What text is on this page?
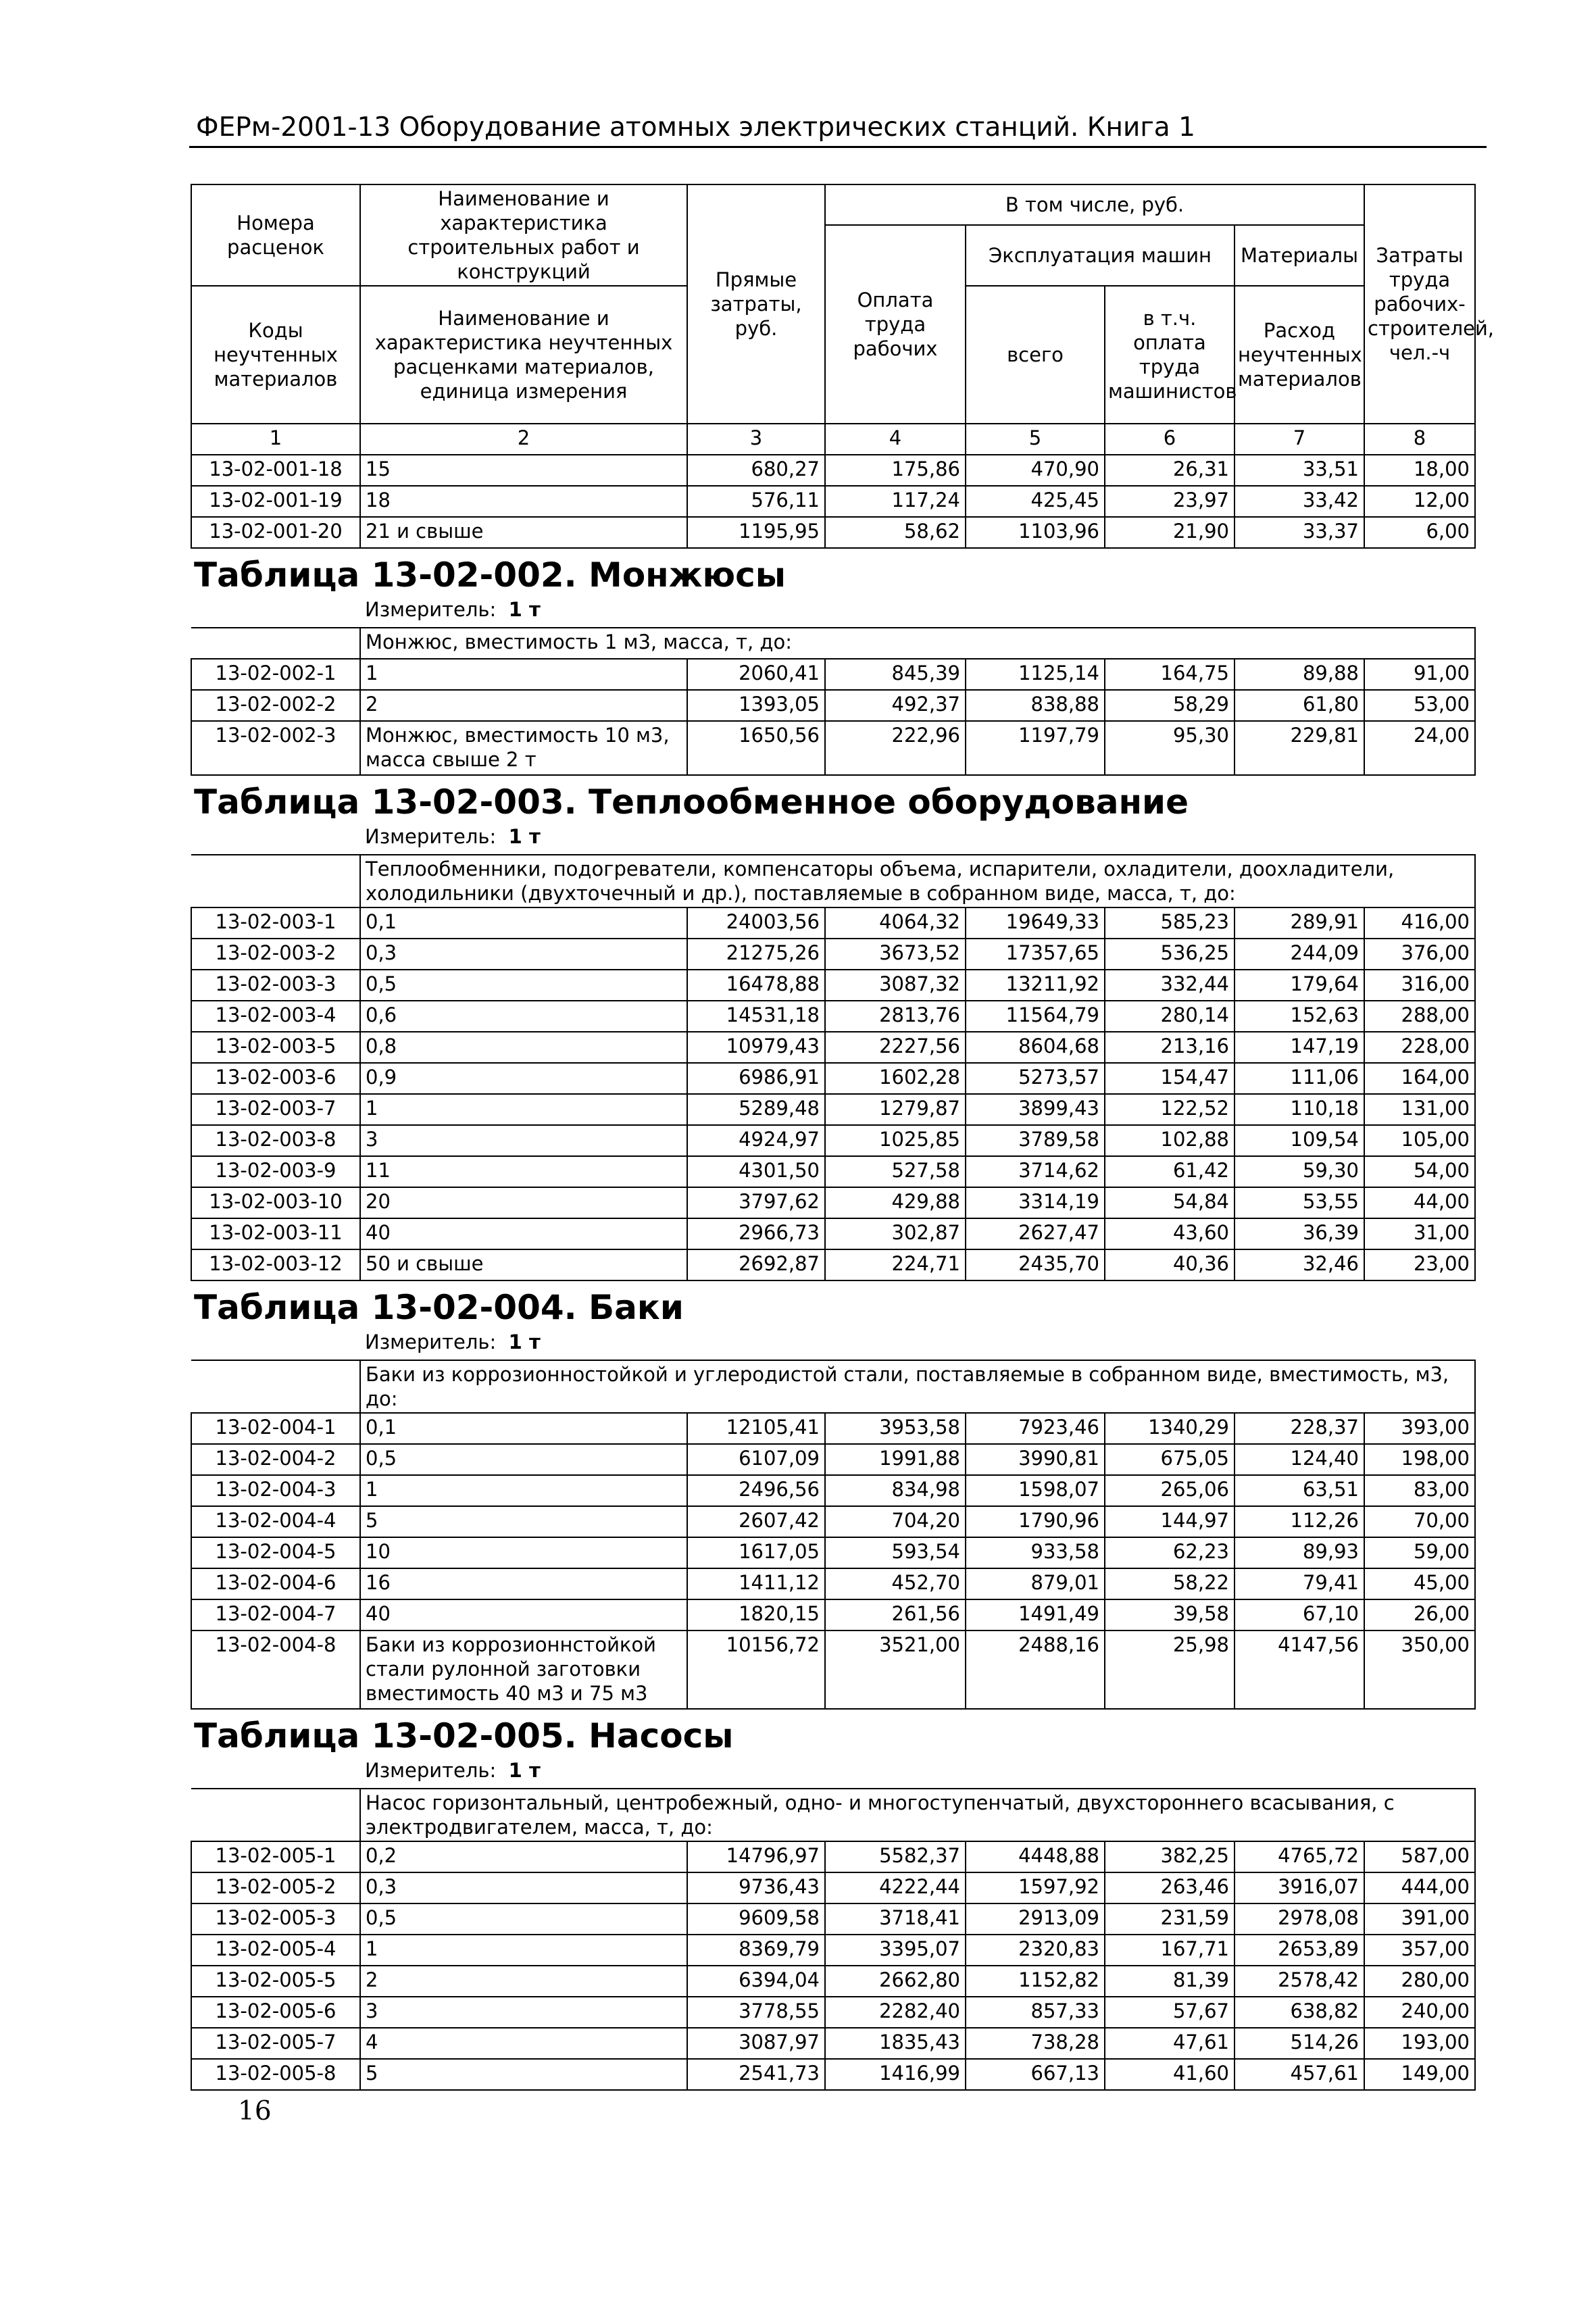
ФЕРм-2001-13 Оборудование атомных электрических станций. Книга 1
Номера расценок	Наименование и характеристика строительных работ и конструкций	Прямые затраты, руб.	В том числе, руб.				Затраты труда рабочих-строителей, чел.-ч
			Оплата труда рабочих	Эксплуатация машин		Материалы	
Коды неучтенных материалов	Наименование и характеристика неучтенных расценками материалов, единица измерения			всего	в т.ч. оплата труда машинистов	Расход неучтенных материалов	
1	2	3	4	5	6	7	8
13-02-001-18	15	680,27	175,86	470,90	26,31	33,51	18,00
13-02-001-19	18	576,11	117,24	425,45	23,97	33,42	12,00
13-02-001-20	21 и свыше	1195,95	58,62	1103,96	21,90	33,37	6,00
Таблица 13-02-002. Монжюсы							
	Измеритель: 1 т						
	Монжюс, вместимость 1 м3, масса, т, до:						
13-02-002-1	1	2060,41	845,39	1125,14	164,75	89,88	91,00
13-02-002-2	2	1393,05	492,37	838,88	58,29	61,80	53,00
13-02-002-3	Монжюс, вместимость 10 м3, масса свыше 2 т	1650,56	222,96	1197,79	95,30	229,81	24,00
Таблица 13-02-003. Теплообменное оборудование							
	Измеритель: 1 т						
	Теплообменники, подогреватели, компенсаторы объема, испарители, охладители, доохладители, холодильники (двухточечный и др.), поставляемые в собранном виде, масса, т, до:						
13-02-003-1	0,1	24003,56	4064,32	19649,33	585,23	289,91	416,00
13-02-003-2	0,3	21275,26	3673,52	17357,65	536,25	244,09	376,00
13-02-003-3	0,5	16478,88	3087,32	13211,92	332,44	179,64	316,00
13-02-003-4	0,6	14531,18	2813,76	11564,79	280,14	152,63	288,00
13-02-003-5	0,8	10979,43	2227,56	8604,68	213,16	147,19	228,00
13-02-003-6	0,9	6986,91	1602,28	5273,57	154,47	111,06	164,00
13-02-003-7	1	5289,48	1279,87	3899,43	122,52	110,18	131,00
13-02-003-8	3	4924,97	1025,85	3789,58	102,88	109,54	105,00
13-02-003-9	11	4301,50	527,58	3714,62	61,42	59,30	54,00
13-02-003-10	20	3797,62	429,88	3314,19	54,84	53,55	44,00
13-02-003-11	40	2966,73	302,87	2627,47	43,60	36,39	31,00
13-02-003-12	50 и свыше	2692,87	224,71	2435,70	40,36	32,46	23,00
Таблица 13-02-004. Баки							
	Измеритель: 1 т						
	Баки из коррозионностойкой и углеродистой стали, поставляемые в собранном виде, вместимость, м3, до:						
13-02-004-1	0,1	12105,41	3953,58	7923,46	1340,29	228,37	393,00
13-02-004-2	0,5	6107,09	1991,88	3990,81	675,05	124,40	198,00
13-02-004-3	1	2496,56	834,98	1598,07	265,06	63,51	83,00
13-02-004-4	5	2607,42	704,20	1790,96	144,97	112,26	70,00
13-02-004-5	10	1617,05	593,54	933,58	62,23	89,93	59,00
13-02-004-6	16	1411,12	452,70	879,01	58,22	79,41	45,00
13-02-004-7	40	1820,15	261,56	1491,49	39,58	67,10	26,00
13-02-004-8	Баки из коррозионнстойкой стали рулонной заготовки вместимость 40 м3 и 75 м3	10156,72	3521,00	2488,16	25,98	4147,56	350,00
Таблица 13-02-005. Насосы							
	Измеритель: 1 т						
	Насос горизонтальный, центробежный, одно- и многоступенчатый, двухстороннего всасывания, с электродвигателем, масса, т, до:						
13-02-005-1	0,2	14796,97	5582,37	4448,88	382,25	4765,72	587,00
13-02-005-2	0,3	9736,43	4222,44	1597,92	263,46	3916,07	444,00
13-02-005-3	0,5	9609,58	3718,41	2913,09	231,59	2978,08	391,00
13-02-005-4	1	8369,79	3395,07	2320,83	167,71	2653,89	357,00
13-02-005-5	2	6394,04	2662,80	1152,82	81,39	2578,42	280,00
13-02-005-6	3	3778,55	2282,40	857,33	57,67	638,82	240,00
13-02-005-7	4	3087,97	1835,43	738,28	47,61	514,26	193,00
13-02-005-8	5	2541,73	1416,99	667,13	41,60	457,61	149,00
16
